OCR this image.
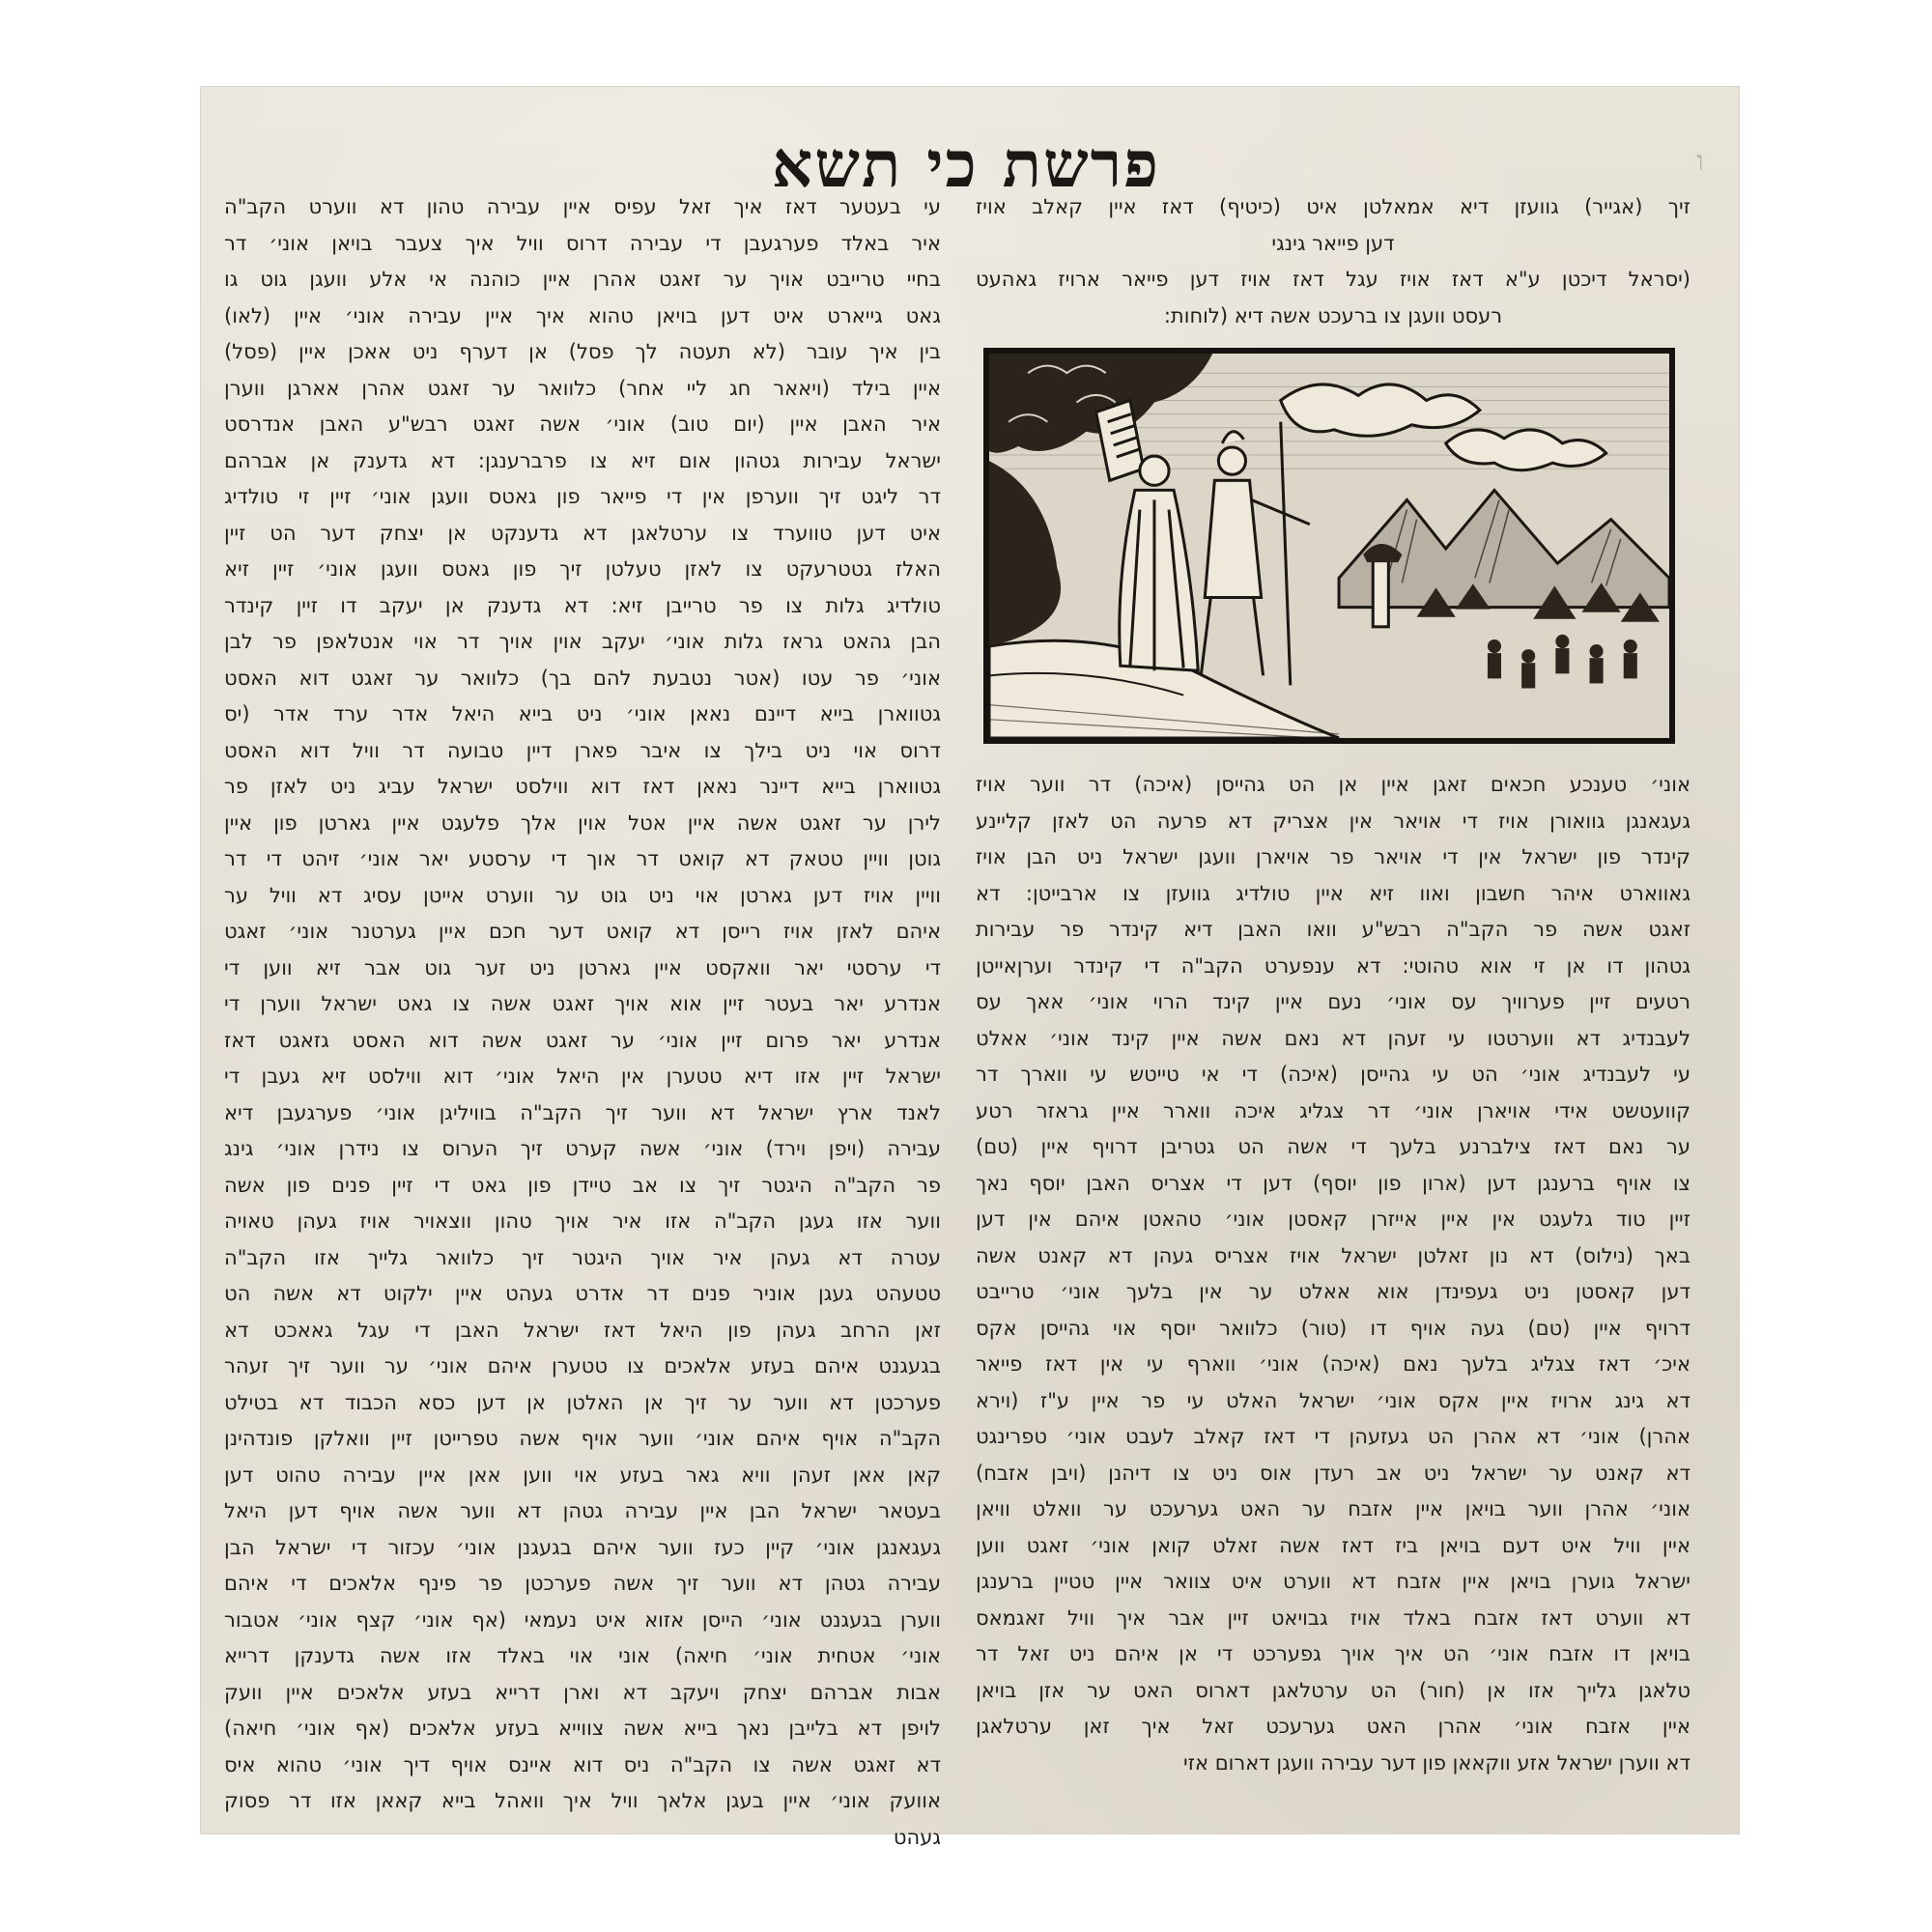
ו
פרשת כי תשא
זיך (אגייר) גוועזן דיא אמאלטן איט (כיטיף) דאז איין קאלב אויז
דען פייאר גינגי
(יסראל דיכטן ע"א דאז אויז עגל דאז אויז דען פייאר ארויז גאהעט
רעסט וועגן צו ברעכט אשה דיא (לוחות:
אוני׳ טענכע חכאים זאגן איין אן הט גהייסן (איכה) דר ווער אויז
געגאנגן גוואורן אויז די אויאר אין אצריק דא פרעה הט לאזן קליינע
קינדר פון ישראל אין די אויאר פר אויארן וועגן ישראל ניט הבן אויז
גאווארט איהר חשבון ואוו זיא איין טולדיג גוועזן צו ארבייטן: דא
זאגט אשה פר הקב"ה רבש"ע וואו האבן דיא קינדר פר עבירות
גטהון דו אן זי אוא טהוטי: דא ענפערט הקב"ה די קינדר וערןאייטן
רטעים זיין פערוויך עס אוני׳ נעם איין קינד הרוי אוני׳ אאך עס
לעבנדיג דא ווערטטו עי זעהן דא נאם אשה איין קינד אוני׳ אאלט
עי לעבנדיג אוני׳ הט עי גהייסן (איכה) די אי טייטש עי ווארך דר
קוועטשט אידי אויארן אוני׳ דר צגליג איכה ווארר איין גראזר רטע
ער נאם דאז צילברנע בלעך די אשה הט גטריבן דרויף איין (טם)
צו אויף ברענגן דען (ארון פון יוסף) דען די אצריס האבן יוסף נאך
זיין טוד גלעגט אין איין אייזרן קאסטן אוני׳ טהאטן איהם אין דען
באך (נילוס) דא נון זאלטן ישראל אויז אצריס געהן דא קאנט אשה
דען קאסטן ניט געפינדן אוא אאלט ער אין בלעך אוני׳ טרייבט
דרויף איין (טם) געה אויף דו (טור) כלוואר יוסף אוי גהייסן אקס
איכ׳ דאז צגליג בלעך נאם (איכה) אוני׳ ווארף עי אין דאז פייאר
דא גינג ארויז איין אקס אוני׳ ישראל האלט עי פר איין ע"ז (וירא
אהרן) אוני׳ דא אהרן הט געזעהן די דאז קאלב לעבט אוני׳ טפרינגט
דא קאנט ער ישראל ניט אב רעדן אוס ניט צו דיהנן (ויבן אזבח)
אוני׳ אהרן ווער בויאן איין אזבח ער האט גערעכט ער וואלט וויאן
איין וויל איט דעם בויאן ביז דאז אשה זאלט קואן אוני׳ זאגט ווען
ישראל גוערן בויאן איין אזבח דא ווערט איט צוואר איין טטיין ברענגן
דא ווערט דאז אזבח באלד אויז גבויאט זיין אבר איך וויל זאגמאס
בויאן דו אזבח אוני׳ הט איך אויך גפערכט די אן איהם ניט זאל דר
טלאגן גלייך אזו אן (חור) הט ערטלאגן דארוס האט ער אזן בויאן
איין אזבח אוני׳ אהרן האט גערעכט זאל איך זאן ערטלאגן
דא ווערן ישראל אזע ווקאאן פון דער עבירה וועגן דארום אזי
עי בעטער דאז איך זאל עפיס איין עבירה טהון דא ווערט הקב"ה
איר באלד פערגעבן די עבירה דרוס וויל איך צעבר בויאן אוני׳ דר
בחיי טרייבט אויך ער זאגט אהרן איין כוהנה אי אלע וועגן גוט גו
גאט גייארט איט דען בויאן טהוא איך איין עבירה אוני׳ איין (לאו)
בין איך עובר (לא תעטה לך פסל) אן דערף ניט אאכן איין (פסל)
איין בילד (ויאאר חג ליי אחר) כלוואר ער זאגט אהרן אארגן ווערן
איר האבן איין (יום טוב) אוני׳ אשה זאגט רבש"ע האבן אנדרסט
ישראל עבירות גטהון אום זיא צו פרברענגן: דא גדענק אן אברהם
דר ליגט זיך ווערפן אין די פייאר פון גאטס וועגן אוני׳ זיין זי טולדיג
איט דען טווערד צו ערטלאגן דא גדענקט אן יצחק דער הט זיין
האלז גטטרעקט צו לאזן טעלטן זיך פון גאטס וועגן אוני׳ זיין זיא
טולדיג גלות צו פר טרייבן זיא: דא גדענק אן יעקב דו זיין קינדר
הבן גהאט גראז גלות אוני׳ יעקב אוין אויך דר אוי אנטלאפן פר לבן
אוני׳ פר עטו (אטר נטבעת להם בך) כלוואר ער זאגט דוא האסט
גטווארן בייא דיינם נאאן אוני׳ ניט בייא היאל אדר ערד אדר (יס
דרוס אוי ניט בילך צו איבר פארן דיין טבועה דר וויל דוא האסט
גטווארן בייא דיינר נאאן דאז דוא ווילסט ישראל עביג ניט לאזן פר
לירן ער זאגט אשה איין אטל אוין אלך פלעגט איין גארטן פון איין
גוטן וויין טטאק דא קואט דר אוך די ערסטע יאר אוני׳ זיהט די דר
וויין אויז דען גארטן אוי ניט גוט ער ווערט אייטן עסיג דא וויל ער
איהם לאזן אויז רייסן דא קואט דער חכם איין גערטנר אוני׳ זאגט
די ערסטי יאר וואקסט איין גארטן ניט זער גוט אבר זיא ווען די
אנדרע יאר בעטר זיין אוא אויך זאגט אשה צו גאט ישראל ווערן די
אנדרע יאר פרום זיין אוני׳ ער זאגט אשה דוא האסט גזאגט דאז
ישראל זיין אזו דיא טטערן אין היאל אוני׳ דוא ווילסט זיא געבן די
לאנד ארץ ישראל דא ווער זיך הקב"ה בוויליגן אוני׳ פערגעבן דיא
עבירה (ויפן וירד) אוני׳ אשה קערט זיך הערוס צו נידרן אוני׳ גינג
פר הקב"ה היגטר זיך צו אב טיידן פון גאט די זיין פנים פון אשה
ווער אזו געגן הקב"ה אזו איר אויך טהון ווצאויר אויז געהן טאויה
עטרה דא געהן איר אויך היגטר זיך כלוואר גלייך אזו הקב"ה
טטעהט געגן אוניר פנים דר אדרט געהט איין ילקוט דא אשה הט
זאן הרחב געהן פון היאל דאז ישראל האבן די עגל גאאכט דא
בגעגנט איהם בעזע אלאכים צו טטערן איהם אוני׳ ער ווער זיך זעהר
פערכטן דא ווער ער זיך אן האלטן אן דען כסא הכבוד דא בטילט
הקב"ה אויף איהם אוני׳ ווער אויף אשה טפרייטן זיין וואלקן פונדהינן
קאן אאן זעהן וויא גאר בעזע אוי ווען אאן איין עבירה טהוט דען
בעטאר ישראל הבן איין עבירה גטהן דא ווער אשה אויף דען היאל
געגאנגן אוני׳ קיין כעז ווער איהם בגעגנן אוני׳ עכזור די ישראל הבן
עבירה גטהן דא ווער זיך אשה פערכטן פר פינף אלאכים די איהם
ווערן בגעגנט אוני׳ הייסן אזוא איט נעמאי (אף אוני׳ קצף אוני׳ אטבור
אוני׳ אטחית אוני׳ חיאה) אוני אוי באלד אזו אשה גדענקן דרייא
אבות אברהם יצחק ויעקב דא וארן דרייא בעזע אלאכים איין וועק
לויפן דא בלייבן נאך בייא אשה צווייא בעזע אלאכים (אף אוני׳ חיאה)
דא זאגט אשה צו הקב"ה ניס דוא איינס אויף דיך אוני׳ טהוא איס
אוועק אוני׳ איין בעגן אלאך וויל איך וואהל בייא קאאן אזו דר פסוק
געהט
